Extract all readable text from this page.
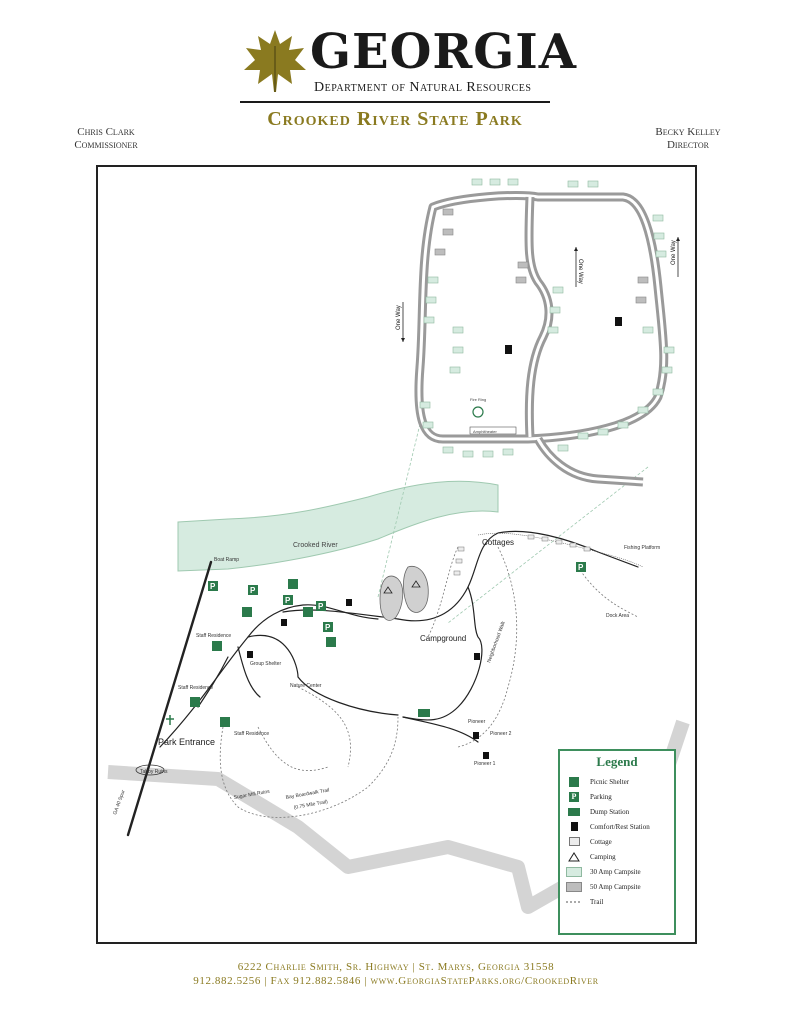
GEORGIA
Department of Natural Resources
Crooked River State Park
Chris Clark
Commissioner
Becky Kelley
Director
Crooked River
Fire Ring
Amphitheater
One Way
One Way
One Way
Cottages
Campground
P	P
P
P
P
P
Boat Ramp
Staff Residence
Staff Residence
Staff Residence
Group Shelter
Nature Center
Pioneer
Pioneer 2
Pioneer 1
Fishing Platform
Dock Area
Neighborhood Walk
GA 40 Spur
Tabby Ruins
Sugar Mill Ruins	Bay Boardwalk Trail
(0.75 Mile Trail)
Park Entrance
Legend
Picnic Shelter
P	Parking
Dump Station
Comfort/Rest Station
Cottage
Camping
30 Amp Campsite
50 Amp Campsite
Trail
6222 Charlie Smith, Sr. Highway | St. Marys, Georgia 31558
912.882.5256 | Fax 912.882.5846 | www.GeorgiaStateParks.org/CrookedRiver
